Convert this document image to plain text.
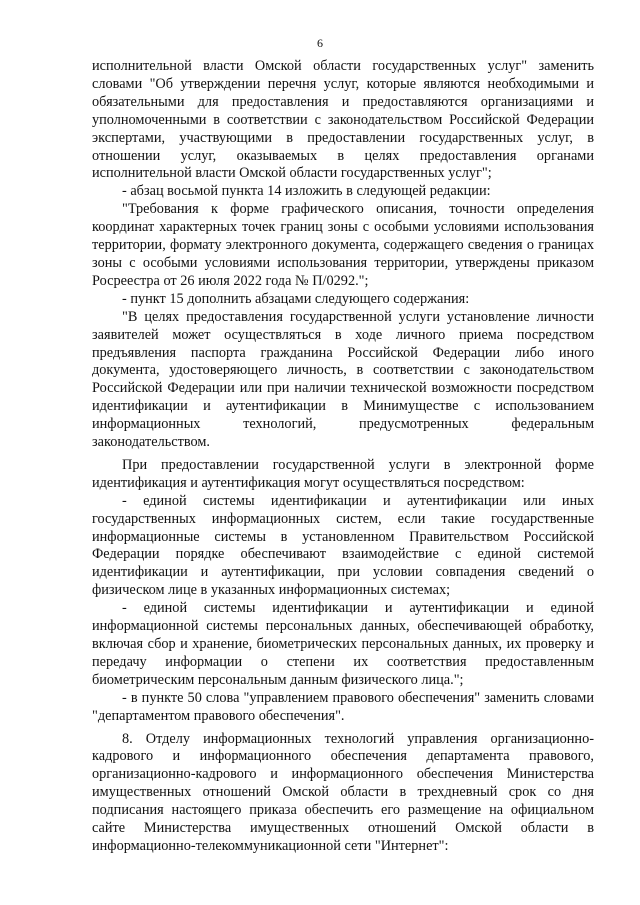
6

исполнительной власти Омской области государственных услуг" заменить словами "Об утверждении перечня услуг, которые являются необходимыми и обязательными для предоставления и предоставляются организациями и уполномоченными в соответствии с законодательством Российской Федерации экспертами, участвующими в предоставлении государственных услуг, в отношении услуг, оказываемых в целях предоставления органами исполнительной власти Омской области государственных услуг";

- абзац восьмой пункта 14 изложить в следующей редакции:

"Требования к форме графического описания, точности определения координат характерных точек границ зоны с особыми условиями использования территории, формату электронного документа, содержащего сведения о границах зоны с особыми условиями использования территории, утверждены приказом Росреестра от 26 июля 2022 года № П/0292.";

- пункт 15 дополнить абзацами следующего содержания:

"В целях предоставления государственной услуги установление личности заявителей может осуществляться в ходе личного приема посредством предъявления паспорта гражданина Российской Федерации либо иного документа, удостоверяющего личность, в соответствии с законодательством Российской Федерации или при наличии технической возможности посредством идентификации и аутентификации в Минимуществе с использованием информационных технологий, предусмотренных федеральным законодательством.

При предоставлении государственной услуги в электронной форме идентификация и аутентификация могут осуществляться посредством:

- единой системы идентификации и аутентификации или иных государственных информационных систем, если такие государственные информационные системы в установленном Правительством Российской Федерации порядке обеспечивают взаимодействие с единой системой идентификации и аутентификации, при условии совпадения сведений о физическом лице в указанных информационных системах;

- единой системы идентификации и аутентификации и единой информационной системы персональных данных, обеспечивающей обработку, включая сбор и хранение, биометрических персональных данных, их проверку и передачу информации о степени их соответствия предоставленным биометрическим персональным данным физического лица.";

- в пункте 50 слова "управлением правового обеспечения" заменить словами "департаментом правового обеспечения".

8. Отделу информационных технологий управления организационно-кадрового и информационного обеспечения департамента правового, организационно-кадрового и информационного обеспечения Министерства имущественных отношений Омской области в трехдневный срок со дня подписания настоящего приказа обеспечить его размещение на официальном сайте Министерства имущественных отношений Омской области в информационно-телекоммуникационной сети "Интернет":
